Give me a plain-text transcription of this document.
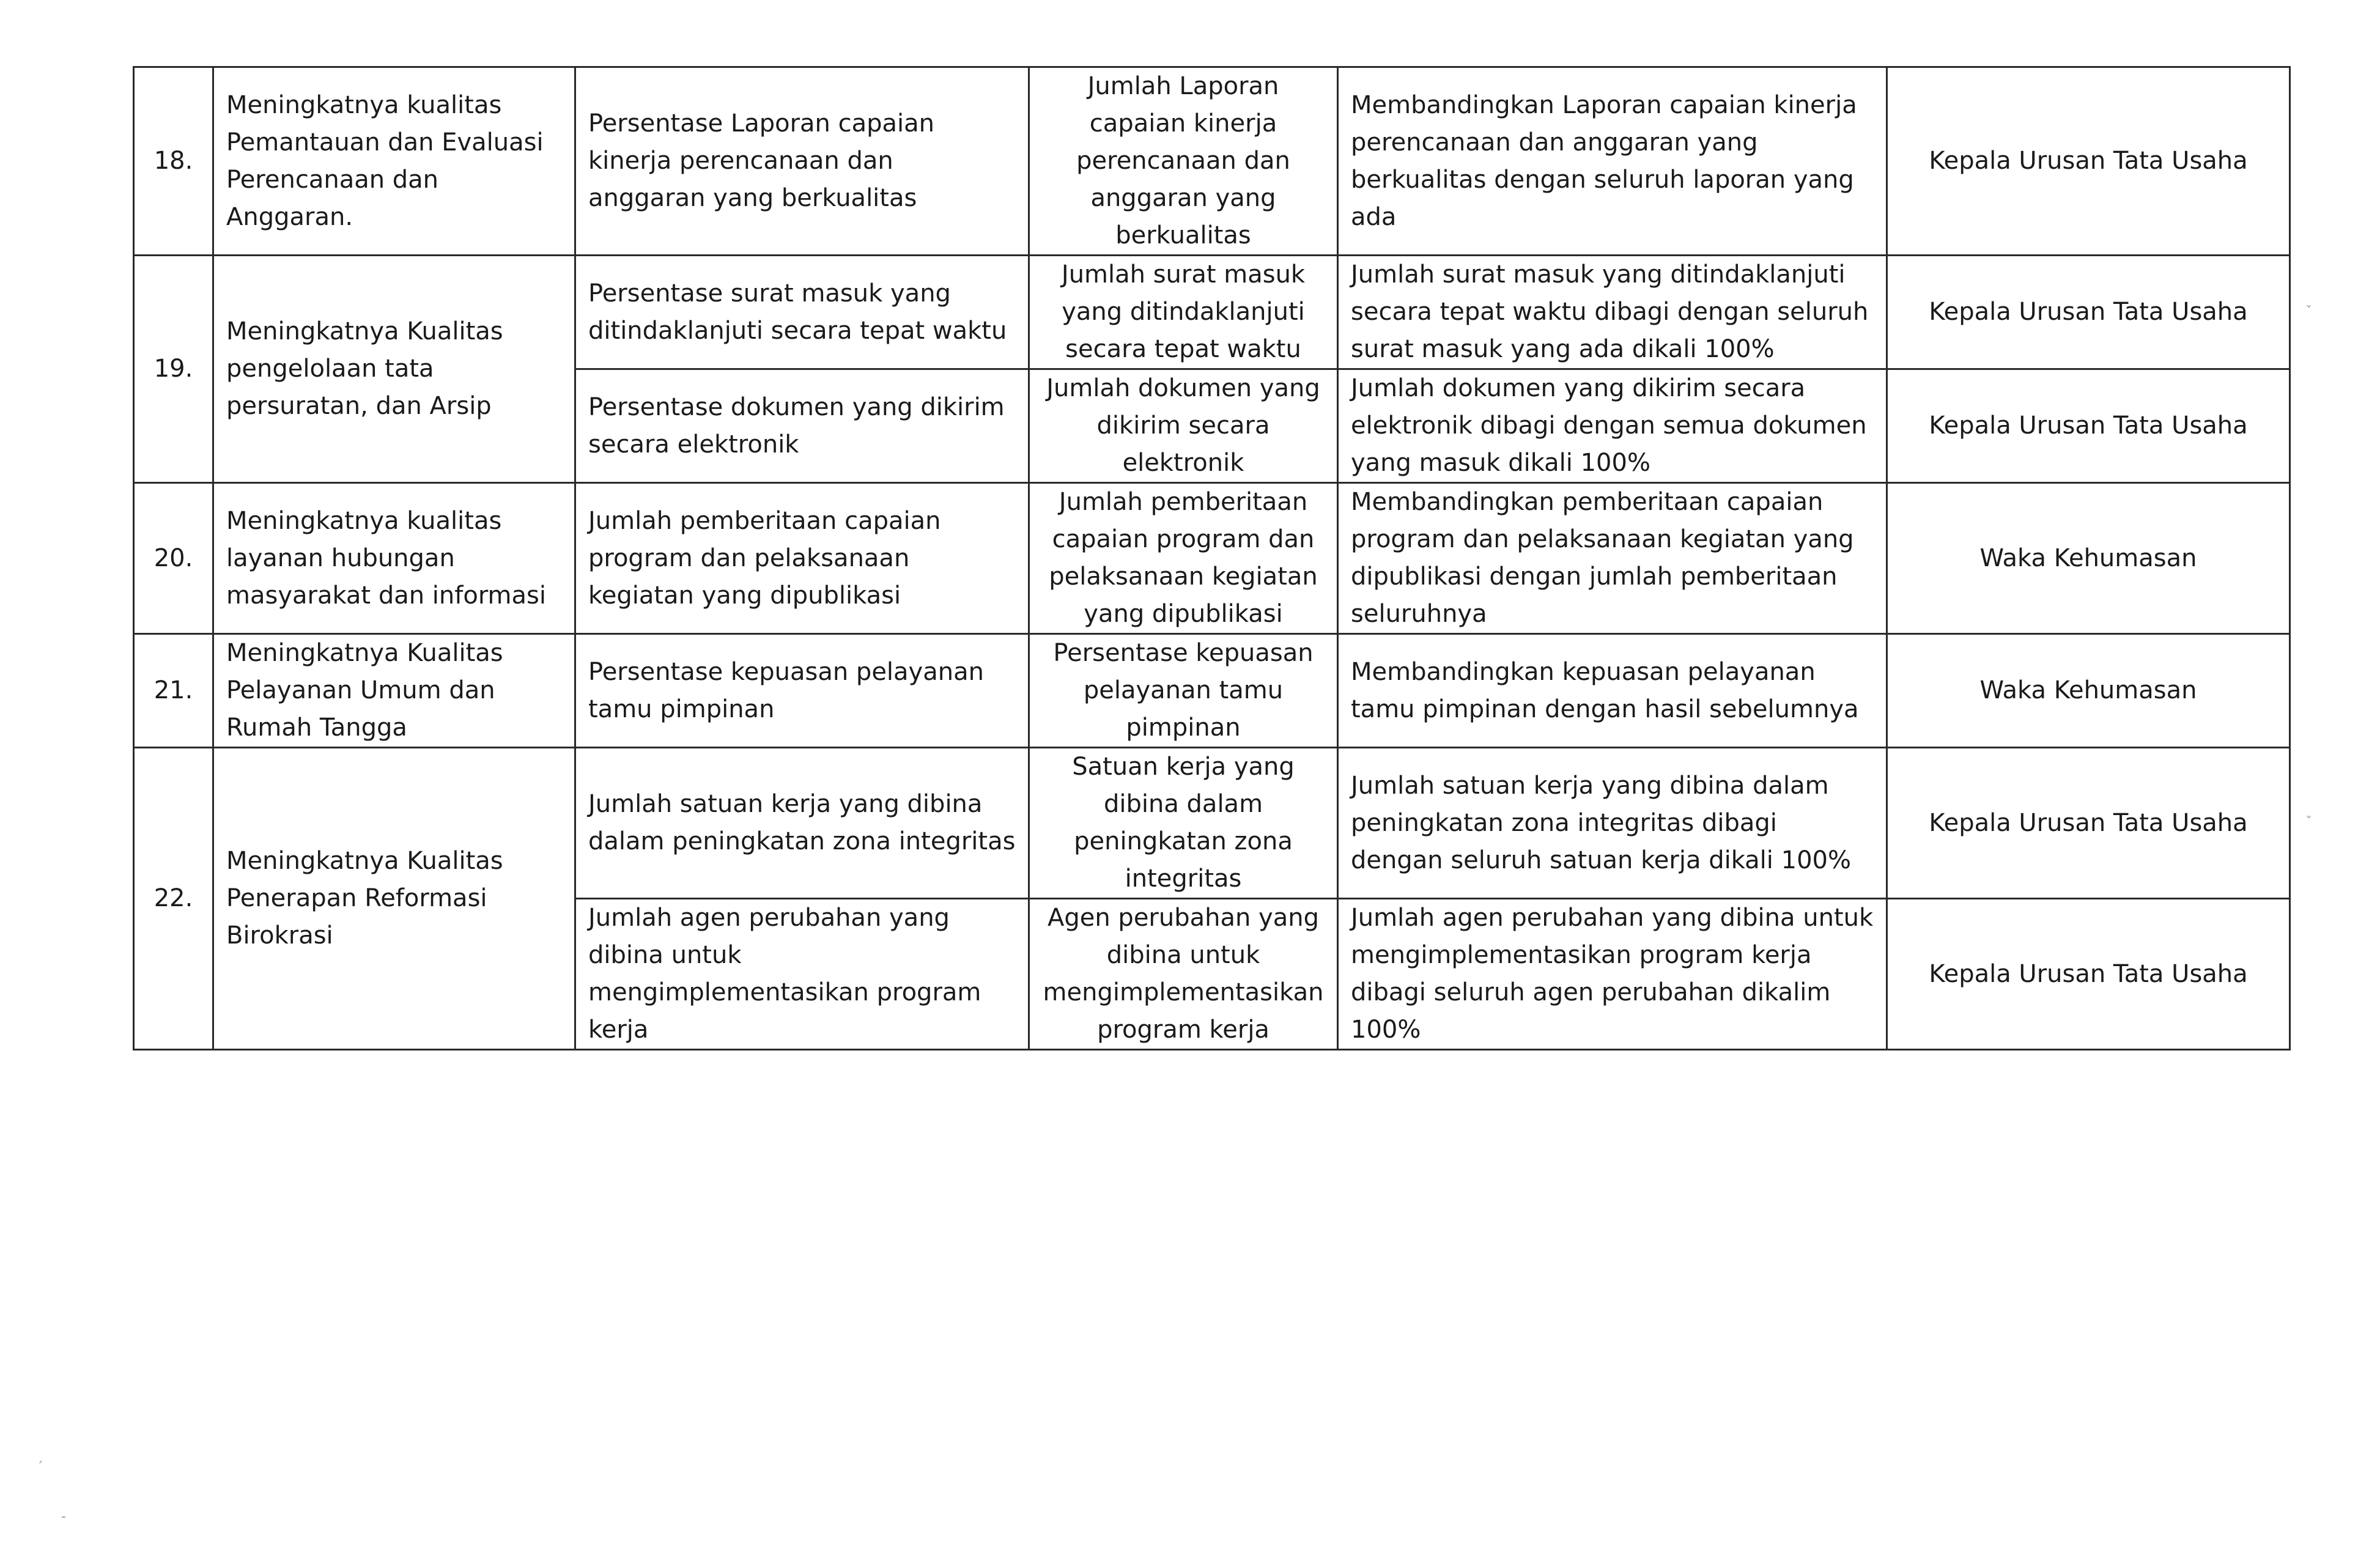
18.	Meningkatnya kualitas Pemantauan dan Evaluasi Perencanaan dan Anggaran.	Persentase Laporan capaian kinerja perencanaan dan anggaran yang berkualitas	Jumlah Laporan capaian kinerja perencanaan dan anggaran yang berkualitas	Membandingkan Laporan capaian kinerja perencanaan dan anggaran yang berkualitas dengan seluruh laporan yang ada	Kepala Urusan Tata Usaha
19.	Meningkatnya Kualitas pengelolaan tata persuratan, dan Arsip	Persentase surat masuk yang ditindaklanjuti secara tepat waktu	Jumlah surat masuk yang ditindaklanjuti secara tepat waktu	Jumlah surat masuk yang ditindaklanjuti secara tepat waktu dibagi dengan seluruh surat masuk yang ada dikali 100%	Kepala Urusan Tata Usaha
		Persentase dokumen yang dikirim secara elektronik	Jumlah dokumen yang dikirim secara elektronik	Jumlah dokumen yang dikirim secara elektronik dibagi dengan semua dokumen yang masuk dikali 100%	Kepala Urusan Tata Usaha
20.	Meningkatnya kualitas layanan hubungan masyarakat dan informasi	Jumlah pemberitaan capaian program dan pelaksanaan kegiatan yang dipublikasi	Jumlah pemberitaan capaian program dan pelaksanaan kegiatan yang dipublikasi	Membandingkan pemberitaan capaian program dan pelaksanaan kegiatan yang dipublikasi dengan jumlah pemberitaan seluruhnya	Waka Kehumasan
21.	Meningkatnya Kualitas Pelayanan Umum dan Rumah Tangga	Persentase kepuasan pelayanan tamu pimpinan	Persentase kepuasan pelayanan tamu pimpinan	Membandingkan kepuasan pelayanan tamu pimpinan dengan hasil sebelumnya	Waka Kehumasan
22.	Meningkatnya Kualitas Penerapan Reformasi Birokrasi	Jumlah satuan kerja yang dibina dalam peningkatan zona integritas	Satuan kerja yang dibina dalam peningkatan zona integritas	Jumlah satuan kerja yang dibina dalam peningkatan zona integritas dibagi dengan seluruh satuan kerja dikali 100%	Kepala Urusan Tata Usaha
		Jumlah agen perubahan yang dibina untuk mengimplementasikan program kerja	Agen perubahan yang dibina untuk mengimplementasikan program kerja	Jumlah agen perubahan yang dibina untuk mengimplementasikan program kerja dibagi seluruh agen perubahan dikalim 100%	Kepala Urusan Tata Usaha
ˇ
ˇ
ˊ
-
